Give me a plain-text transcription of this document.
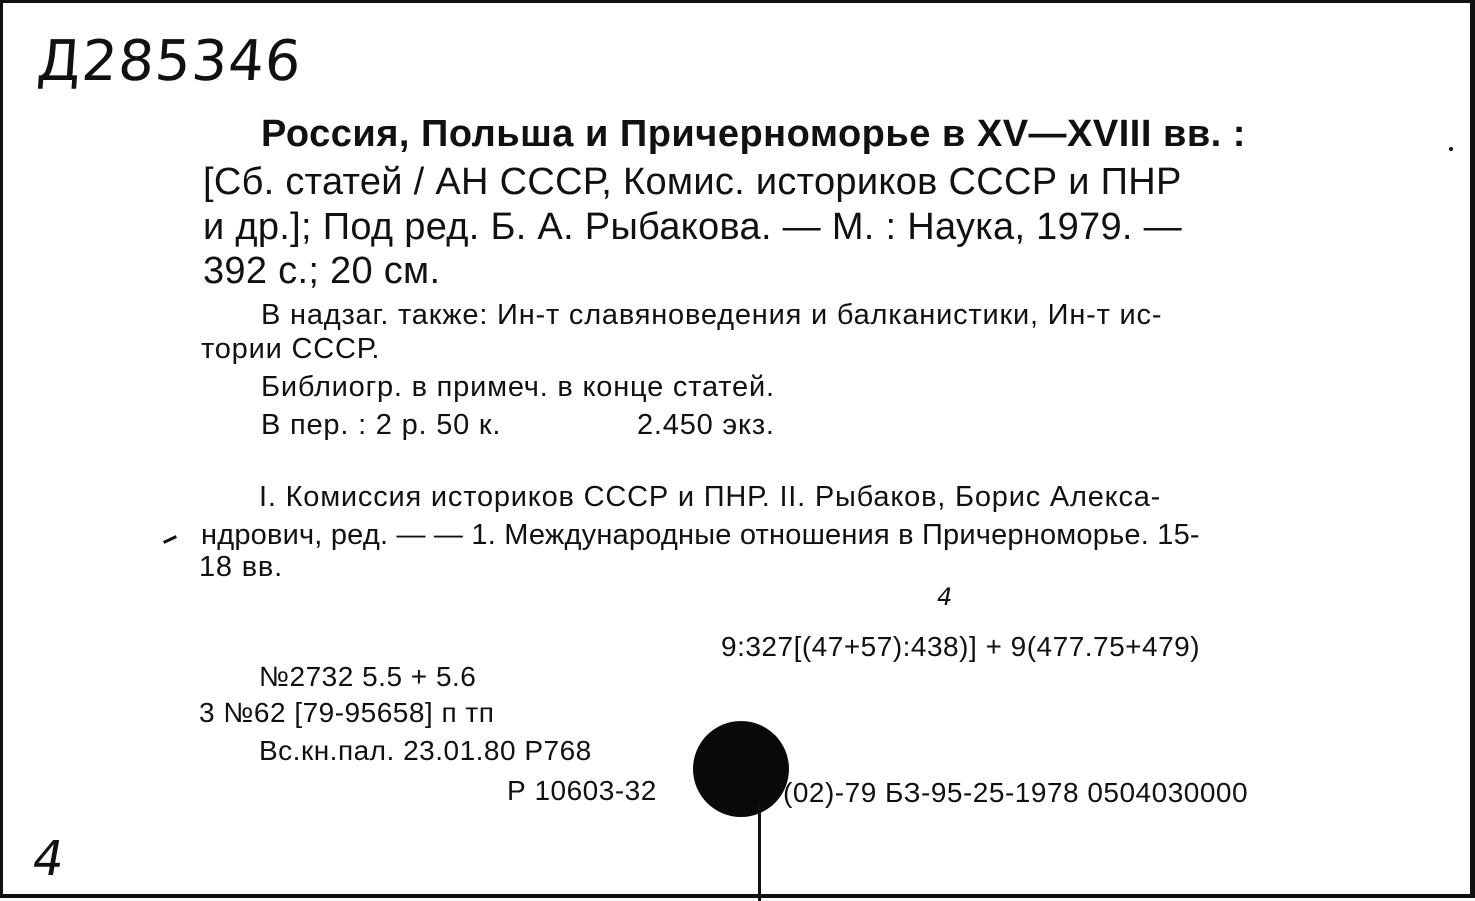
Д285346
Россия, Польша и Причерноморье в XV—XVIII вв. :
[Сб. статей / АН СССР, Комис. историков СССР и ПНР
и др.]; Под ред. Б. А. Рыбакова. — М. : Наука, 1979. —
392 с.; 20 см.
В надзаг. также: Ин-т славяноведения и балканистики, Ин-т ис-
тории СССР.
Библиогр. в примеч. в конце статей.
В пер. : 2 р. 50 к.	2.450 экз.
I. Комиссия историков СССР и ПНР. II. Рыбаков, Борис Алекса-
ндрович, ред. — — 1. Международные отношения в Причерноморье. 15-
18 вв.
4
9:327[(47+57):438)] + 9(477.75+479)
№2732 5.5 + 5.6
3 №62 [79-95658] п тп
Вс.кн.пал. 23.01.80 Р768
Р 10603-32	(02)-79 БЗ-95-25-1978 0504030000
4
